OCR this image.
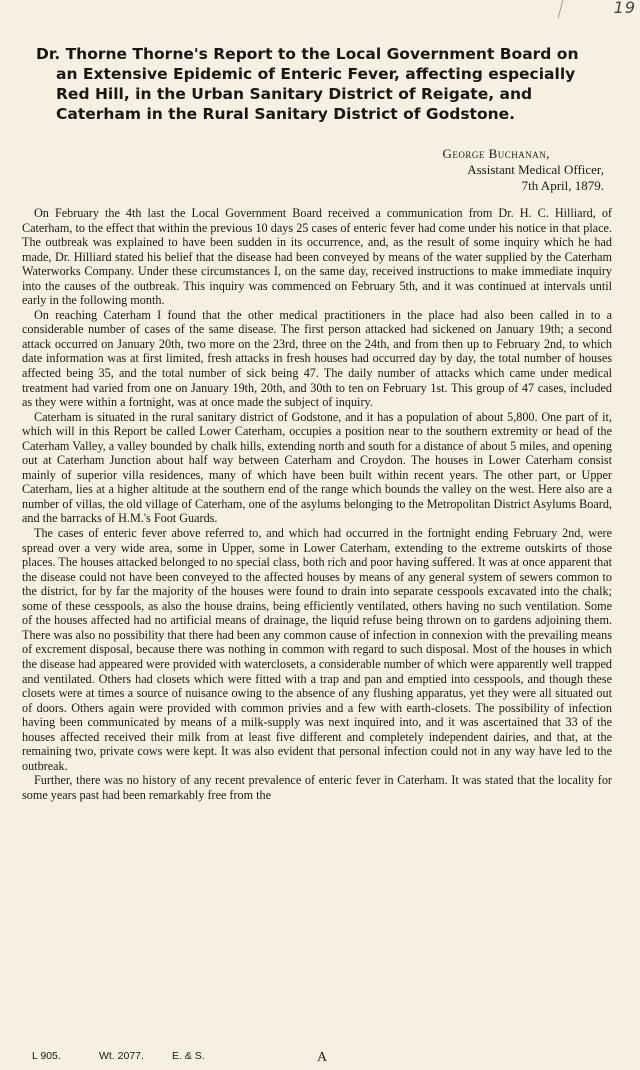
19
Dr. Thorne Thorne's Report to the Local Government Board on
an Extensive Epidemic of Enteric Fever, affecting especially
Red Hill, in the Urban Sanitary District of Reigate, and
Caterham in the Rural Sanitary District of Godstone.
George Buchanan,
Assistant Medical Officer,
7th April, 1879.

On February the 4th last the Local Government Board received a communication from Dr. H. C. Hilliard, of Caterham, to the effect that within the previous 10 days 25 cases of enteric fever had come under his notice in that place. The outbreak was explained to have been sudden in its occurrence, and, as the result of some inquiry which he had made, Dr. Hilliard stated his belief that the disease had been conveyed by means of the water supplied by the Caterham Waterworks Company. Under these circumstances I, on the same day, received instructions to make immediate inquiry into the causes of the outbreak. This inquiry was commenced on February 5th, and it was continued at intervals until early in the following month.

On reaching Caterham I found that the other medical practitioners in the place had also been called in to a considerable number of cases of the same disease. The first person attacked had sickened on January 19th; a second attack occurred on January 20th, two more on the 23rd, three on the 24th, and from then up to February 2nd, to which date information was at first limited, fresh attacks in fresh houses had occurred day by day, the total number of houses affected being 35, and the total number of sick being 47. The daily number of attacks which came under medical treatment had varied from one on January 19th, 20th, and 30th to ten on February 1st. This group of 47 cases, included as they were within a fortnight, was at once made the subject of inquiry.

Caterham is situated in the rural sanitary district of Godstone, and it has a population of about 5,800. One part of it, which will in this Report be called Lower Caterham, occupies a position near to the southern extremity or head of the Caterham Valley, a valley bounded by chalk hills, extending north and south for a distance of about 5 miles, and opening out at Caterham Junction about half way between Caterham and Croydon. The houses in Lower Caterham consist mainly of superior villa residences, many of which have been built within recent years. The other part, or Upper Caterham, lies at a higher altitude at the southern end of the range which bounds the valley on the west. Here also are a number of villas, the old village of Caterham, one of the asylums belonging to the Metropolitan District Asylums Board, and the barracks of H.M.'s Foot Guards.

The cases of enteric fever above referred to, and which had occurred in the fortnight ending February 2nd, were spread over a very wide area, some in Upper, some in Lower Caterham, extending to the extreme outskirts of those places. The houses attacked belonged to no special class, both rich and poor having suffered. It was at once apparent that the disease could not have been conveyed to the affected houses by means of any general system of sewers common to the district, for by far the majority of the houses were found to drain into separate cesspools excavated into the chalk; some of these cesspools, as also the house drains, being efficiently ventilated, others having no such ventilation. Some of the houses affected had no artificial means of drainage, the liquid refuse being thrown on to gardens adjoining them. There was also no possibility that there had been any common cause of infection in connexion with the prevailing means of excrement disposal, because there was nothing in common with regard to such disposal. Most of the houses in which the disease had appeared were provided with waterclosets, a considerable number of which were apparently well trapped and ventilated. Others had closets which were fitted with a trap and pan and emptied into cesspools, and though these closets were at times a source of nuisance owing to the absence of any flushing apparatus, yet they were all situated out of doors. Others again were provided with common privies and a few with earth-closets. The possibility of infection having been communicated by means of a milk-supply was next inquired into, and it was ascertained that 33 of the houses affected received their milk from at least five different and completely independent dairies, and that, at the remaining two, private cows were kept. It was also evident that personal infection could not in any way have led to the outbreak.

Further, there was no history of any recent prevalence of enteric fever in Caterham. It was stated that the locality for some years past had been remarkably free from the

L 905.	Wt. 2077.	E. & S.	A
